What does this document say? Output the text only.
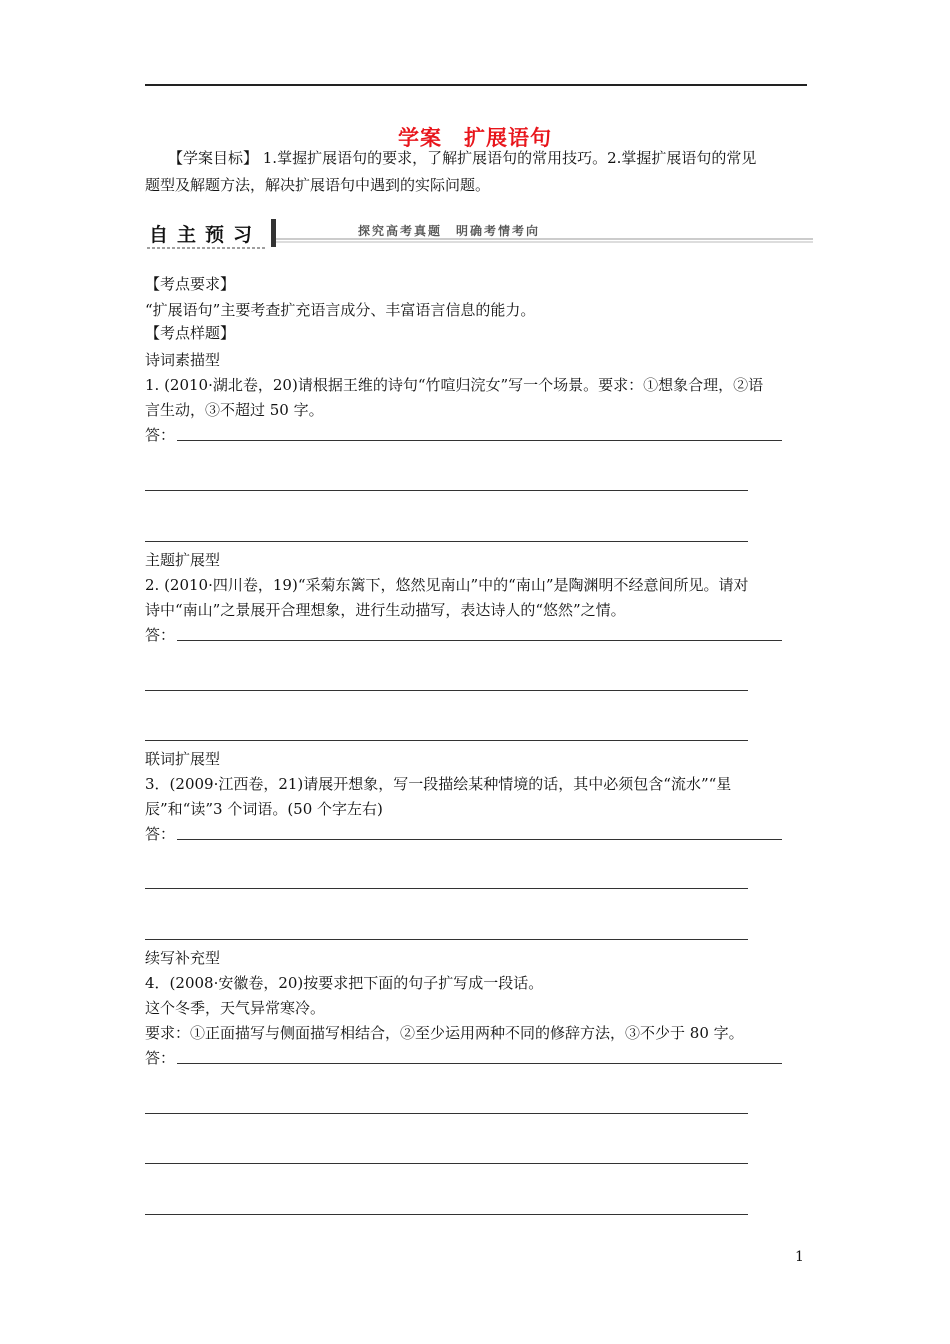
学案　扩展语句
【学案目标】 1.掌握扩展语句的要求，了解扩展语句的常用技巧。2.掌握扩展语句的常见
题型及解题方法，解决扩展语句中遇到的实际问题。
自主预习	探究高考真题　明确考情考向
【考点要求】
“扩展语句”主要考查扩充语言成分、丰富语言信息的能力。
【考点样题】
诗词素描型
1. (2010·湖北卷，20)请根据王维的诗句“竹喧归浣女”写一个场景。要求：①想象合理，②语
言生动，③不超过 50 字。
答：
主题扩展型
2. (2010·四川卷，19)“采菊东篱下，悠然见南山”中的“南山”是陶渊明不经意间所见。请对
诗中“南山”之景展开合理想象，进行生动描写，表达诗人的“悠然”之情。
答：
联词扩展型
3．(2009·江西卷，21)请展开想象，写一段描绘某种情境的话，其中必须包含“流水”“星
辰”和“读”3 个词语。(50 个字左右)
答：
续写补充型
4．(2008·安徽卷，20)按要求把下面的句子扩写成一段话。
这个冬季，天气异常寒冷。
要求：①正面描写与侧面描写相结合，②至少运用两种不同的修辞方法，③不少于 80 字。
答：
1
